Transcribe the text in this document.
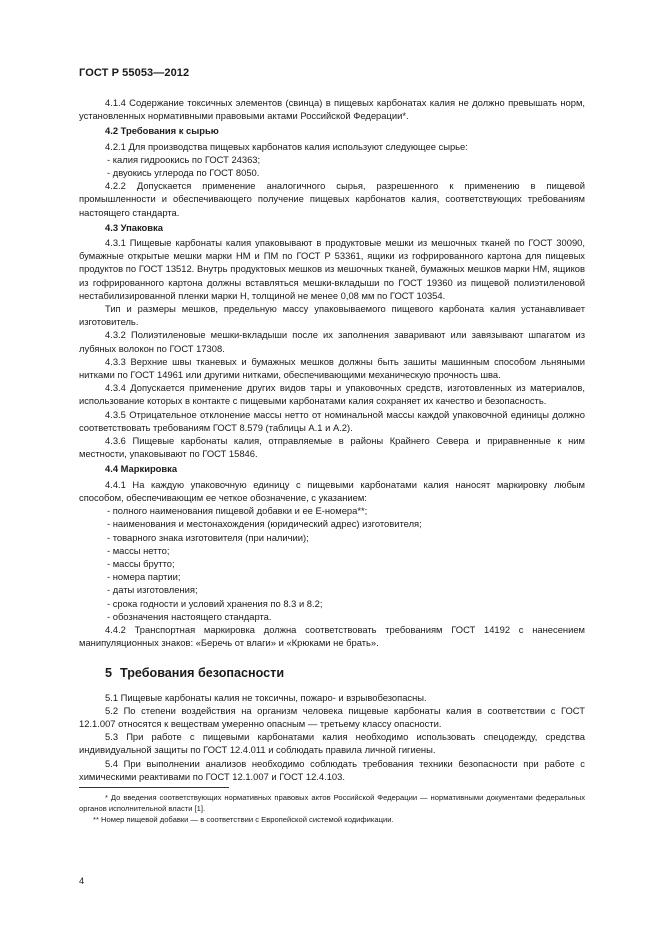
ГОСТ Р 55053—2012

4.1.4 Содержание токсичных элементов (свинца) в пищевых карбонатах калия не должно превышать норм, установленных нормативными правовыми актами Российской Федерации*.

4.2 Требования к сырью

4.2.1 Для производства пищевых карбонатов калия используют следующее сырье:

- калия гидроокись по ГОСТ 24363;

- двуокись углерода по ГОСТ 8050.

4.2.2 Допускается применение аналогичного сырья, разрешенного к применению в пищевой промышленности и обеспечивающего получение пищевых карбонатов калия, соответствующих требованиям настоящего стандарта.

4.3 Упаковка

4.3.1 Пищевые карбонаты калия упаковывают в продуктовые мешки из мешочных тканей по ГОСТ 30090, бумажные открытые мешки марки НМ и ПМ по ГОСТ Р 53361, ящики из гофрированного картона для пищевых продуктов по ГОСТ 13512. Внутрь продуктовых мешков из мешочных тканей, бумажных мешков марки НМ, ящиков из гофрированного картона должны вставляться мешки-вкладыши по ГОСТ 19360 из пищевой полиэтиленовой нестабилизированной пленки марки Н, толщиной не менее 0,08 мм по ГОСТ 10354.

Тип и размеры мешков, предельную массу упаковываемого пищевого карбоната калия устанавливает изготовитель.

4.3.2 Полиэтиленовые мешки-вкладыши после их заполнения заваривают или завязывают шпагатом из лубяных волокон по ГОСТ 17308.

4.3.3 Верхние швы тканевых и бумажных мешков должны быть зашиты машинным способом льняными нитками по ГОСТ 14961 или другими нитками, обеспечивающими механическую прочность шва.

4.3.4 Допускается применение других видов тары и упаковочных средств, изготовленных из материалов, использование которых в контакте с пищевыми карбонатами калия сохраняет их качество и безопасность.

4.3.5 Отрицательное отклонение массы нетто от номинальной массы каждой упаковочной единицы должно соответствовать требованиям ГОСТ 8.579 (таблицы А.1 и А.2).

4.3.6 Пищевые карбонаты калия, отправляемые в районы Крайнего Севера и приравненные к ним местности, упаковывают по ГОСТ 15846.

4.4 Маркировка

4.4.1 На каждую упаковочную единицу с пищевыми карбонатами калия наносят маркировку любым способом, обеспечивающим ее четкое обозначение, с указанием:

- полного наименования пищевой добавки и ее Е-номера**;

- наименования и местонахождения (юридический адрес) изготовителя;

- товарного знака изготовителя (при наличии);

- массы нетто;

- массы брутто;

- номера партии;

- даты изготовления;

- срока годности и условий хранения по 8.3 и 8.2;

- обозначения настоящего стандарта.

4.4.2 Транспортная маркировка должна соответствовать требованиям ГОСТ 14192 с нанесением манипуляционных знаков: «Беречь от влаги» и «Крюками не брать».

5 Требования безопасности

5.1 Пищевые карбонаты калия не токсичны, пожаро- и взрывобезопасны.

5.2 По степени воздействия на организм человека пищевые карбонаты калия в соответствии с ГОСТ 12.1.007 относятся к веществам умеренно опасным — третьему классу опасности.

5.3 При работе с пищевыми карбонатами калия необходимо использовать спецодежду, средства индивидуальной защиты по ГОСТ 12.4.011 и соблюдать правила личной гигиены.

5.4 При выполнении анализов необходимо соблюдать требования техники безопасности при работе с химическими реактивами по ГОСТ 12.1.007 и ГОСТ 12.4.103.

* До введения соответствующих нормативных правовых актов Российской Федерации — нормативными документами федеральных органов исполнительной власти [1].

** Номер пищевой добавки — в соответствии с Европейской системой кодификации.

4
